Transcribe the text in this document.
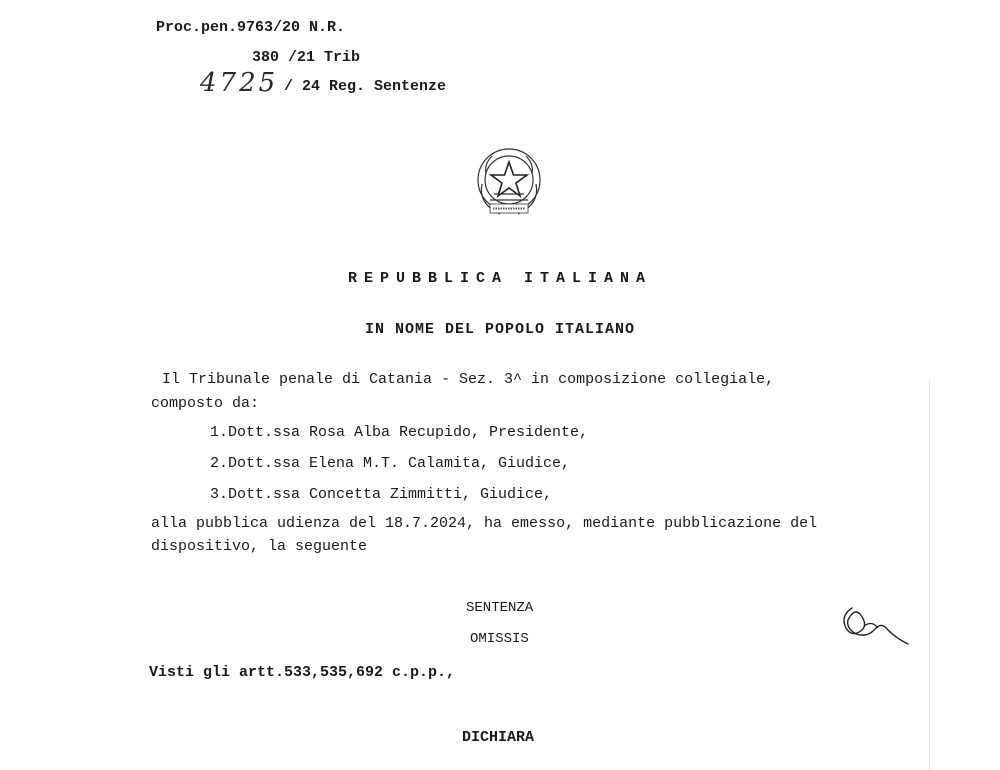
Proc.pen.9763/20 N.R.
380 /21 Trib
4725 / 24 Reg. Sentenze
REPUBBLICA ITALIANA
IN NOME DEL POPOLO ITALIANO
Il Tribunale penale di Catania - Sez. 3^ in composizione collegiale,
composto da:
1.Dott.ssa Rosa Alba Recupido, Presidente,
2.Dott.ssa Elena M.T. Calamita, Giudice,
3.Dott.ssa Concetta Zimmitti, Giudice,
alla pubblica udienza del 18.7.2024, ha emesso, mediante pubblicazione del
dispositivo, la seguente
SENTENZA
OMISSIS
Visti gli artt.533,535,692 c.p.p.,
DICHIARA
